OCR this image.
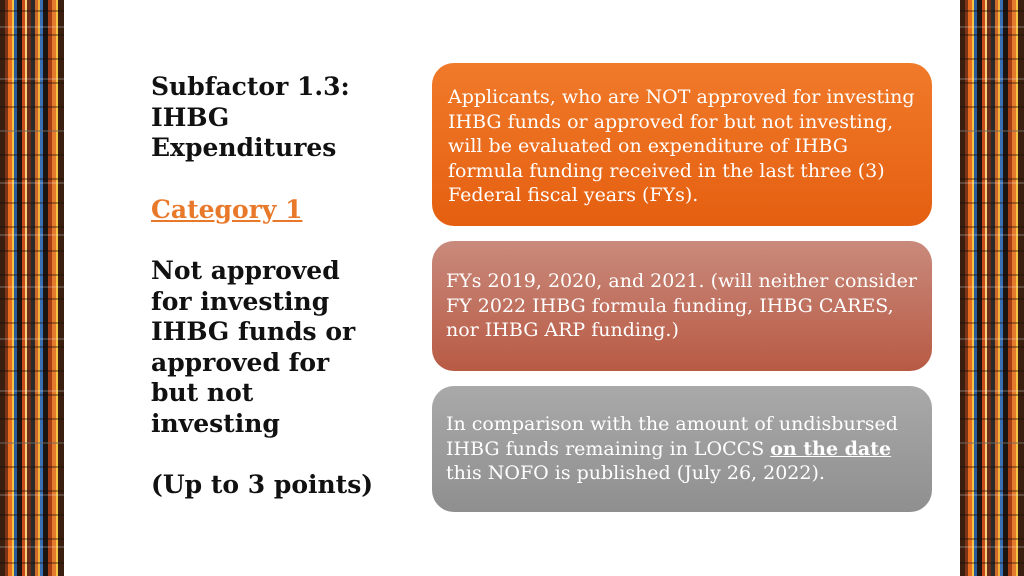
Subfactor 1.3:

IHBG

Expenditures

Category 1

Not approved

for investing

IHBG funds or

approved for

but not

investing

(Up to 3 points)

Applicants, who are NOT approved for investing IHBG funds or approved for but not investing, will be evaluated on expenditure of IHBG formula funding received in the last three (3) Federal fiscal years (FYs).

FYs 2019, 2020, and 2021. (will neither consider FY 2022 IHBG formula funding, IHBG CARES, nor IHBG ARP funding.)

In comparison with the amount of undisbursed IHBG funds remaining in LOCCS on the date this NOFO is published (July 26, 2022).
